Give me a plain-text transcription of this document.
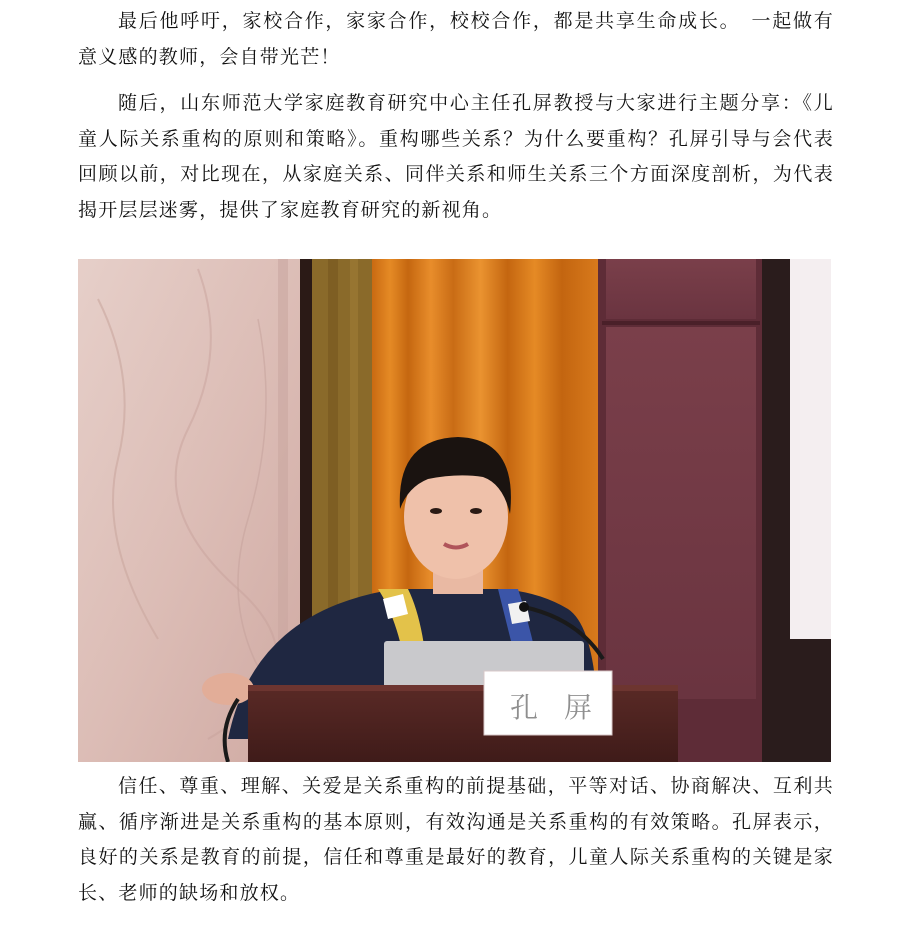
最后他呼吁，家校合作，家家合作，校校合作，都是共享生命成长。　一起做有意义感的教师，会自带光芒！

随后，山东师范大学家庭教育研究中心主任孔屏教授与大家进行主题分享：《儿童人际关系重构的原则和策略》。重构哪些关系？为什么要重构？孔屏引导与会代表回顾以前，对比现在，从家庭关系、同伴关系和师生关系三个方面深度剖析，为代表揭开层层迷雾，提供了家庭教育研究的新视角。

孔 屏

信任、尊重、理解、关爱是关系重构的前提基础，平等对话、协商解决、互利共赢、循序渐进是关系重构的基本原则，有效沟通是关系重构的有效策略。孔屏表示，良好的关系是教育的前提，信任和尊重是最好的教育，儿童人际关系重构的关键是家长、老师的缺场和放权。
